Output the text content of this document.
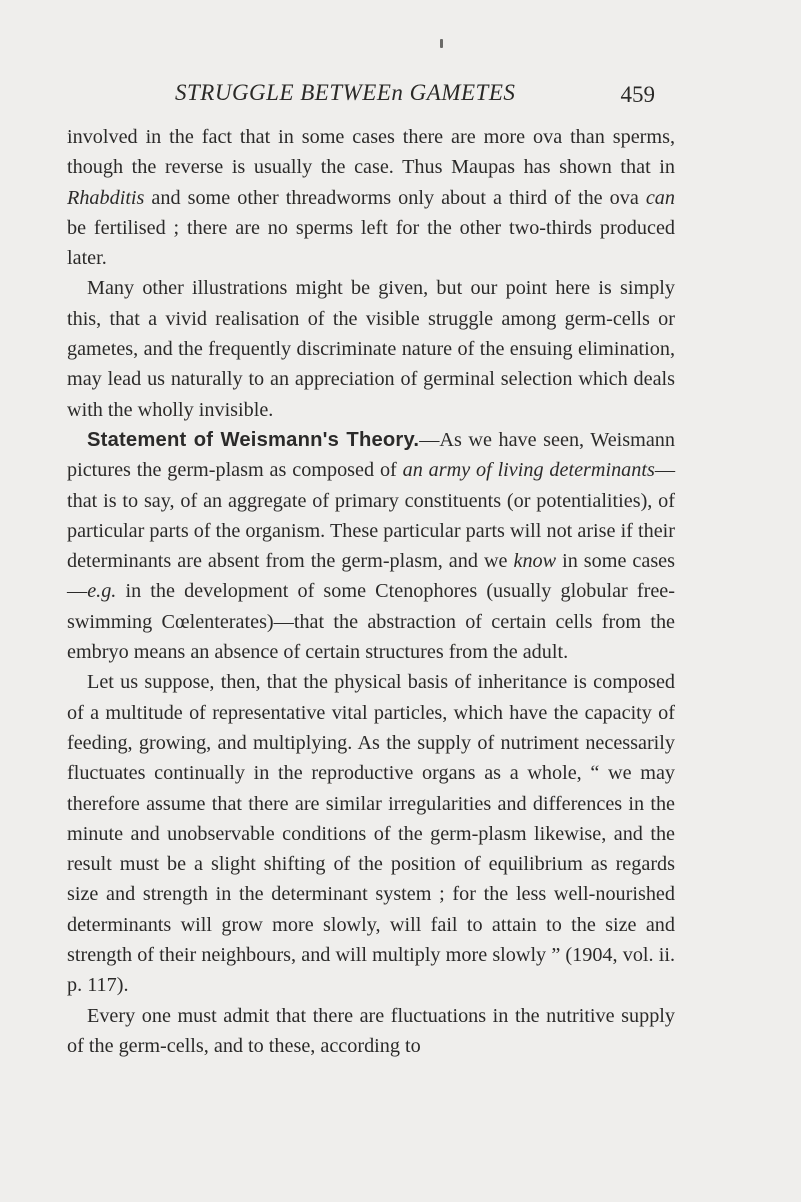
STRUGGLE BETWEEn GAMETES	459

involved in the fact that in some cases there are more ova than sperms, though the reverse is usually the case. Thus Maupas has shown that in Rhabditis and some other threadworms only about a third of the ova can be fertilised ; there are no sperms left for the other two-thirds produced later.

Many other illustrations might be given, but our point here is simply this, that a vivid realisation of the visible struggle among germ-cells or gametes, and the frequently discriminate nature of the ensuing elimination, may lead us naturally to an appreciation of germinal selection which deals with the wholly invisible.

Statement of Weismann's Theory.—As we have seen, Weismann pictures the germ-plasm as composed of an army of living determinants—that is to say, of an aggregate of primary constituents (or potentialities), of particular parts of the organism. These particular parts will not arise if their determinants are absent from the germ-plasm, and we know in some cases—e.g. in the development of some Ctenophores (usually globular free-swimming Cœlenterates)—that the abstraction of certain cells from the embryo means an absence of certain structures from the adult.

Let us suppose, then, that the physical basis of inheritance is composed of a multitude of representative vital particles, which have the capacity of feeding, growing, and multiplying. As the supply of nutriment necessarily fluctuates continually in the reproductive organs as a whole, “ we may therefore assume that there are similar irregularities and differences in the minute and unobservable conditions of the germ-plasm likewise, and the result must be a slight shifting of the position of equilibrium as regards size and strength in the determinant system ; for the less well-nourished determinants will grow more slowly, will fail to attain to the size and strength of their neighbours, and will multiply more slowly ” (1904, vol. ii. p. 117).

Every one must admit that there are fluctuations in the nutritive supply of the germ-cells, and to these, according to
